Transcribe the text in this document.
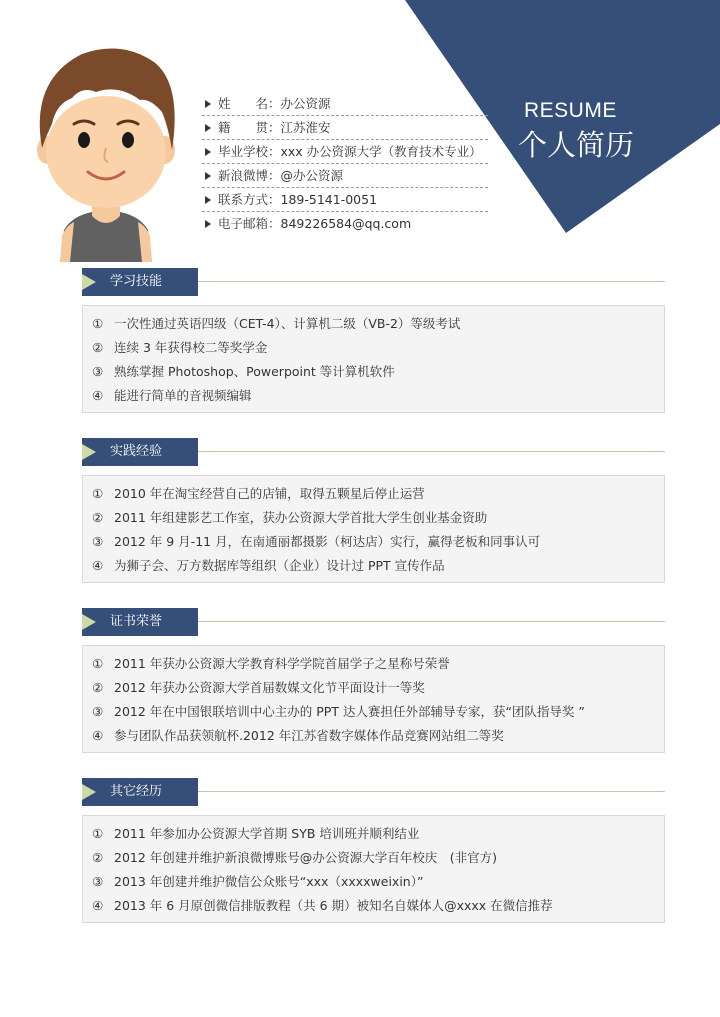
RESUME
个人简历
姓　　名：办公资源
籍　　贯：江苏淮安
毕业学校：xxx 办公资源大学（教育技术专业）
新浪微博：@办公资源
联系方式：189-5141-0051
电子邮箱：849226584@qq.com
学习技能
① 一次性通过英语四级（CET-4）、计算机二级（VB-2）等级考试
② 连续 3 年获得校二等奖学金
③ 熟练掌握 Photoshop、Powerpoint 等计算机软件
④ 能进行简单的音视频编辑
实践经验
① 2010 年在淘宝经营自己的店铺，取得五颗星后停止运营
② 2011 年组建影艺工作室，获办公资源大学首批大学生创业基金资助
③ 2012 年 9 月-11 月，在南通丽都摄影（柯达店）实行，赢得老板和同事认可
④ 为狮子会、万方数据库等组织（企业）设计过 PPT 宣传作品
证书荣誉
① 2011 年获办公资源大学教育科学学院首届学子之星称号荣誉
② 2012 年获办公资源大学首届数媒文化节平面设计一等奖
③ 2012 年在中国银联培训中心主办的 PPT 达人赛担任外部辅导专家，获“团队指导奖 ”
④ 参与团队作品获领航杯.2012 年江苏省数字媒体作品竞赛网站组二等奖
其它经历
① 2011 年参加办公资源大学首期 SYB 培训班并顺利结业
② 2012 年创建并维护新浪微博账号@办公资源大学百年校庆　(非官方)
③ 2013 年创建并维护微信公众账号“xxx（xxxxweixin）”
④ 2013 年 6 月原创微信排版教程（共 6 期）被知名自媒体人@xxxx 在微信推荐
